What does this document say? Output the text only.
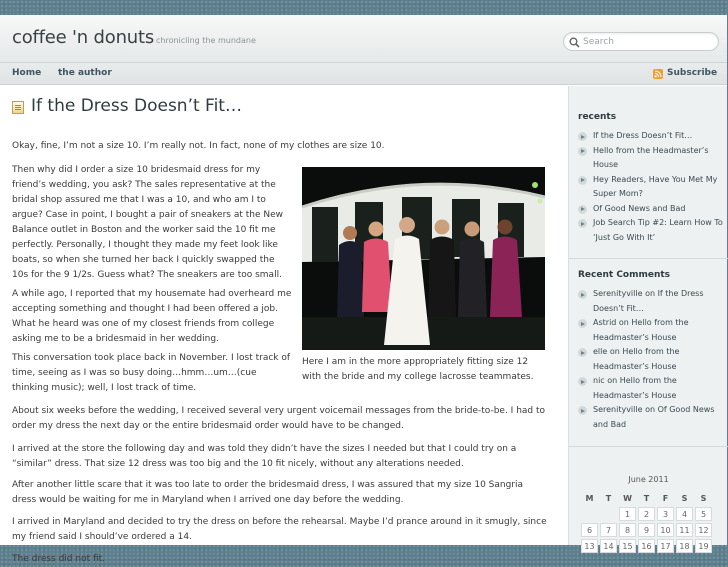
coffee 'n donuts chronicling the mundane
Search
Home the author	Subscribe
If the Dress Doesn’t Fit…

Okay, fine, I’m not a size 10. I’m really not. In fact, none of my clothes are size 10.

Then why did I order a size 10 bridesmaid dress for my friend’s wedding, you ask? The sales representative at the bridal shop assured me that I was a 10, and who am I to argue? Case in point, I bought a pair of sneakers at the New Balance outlet in Boston and the worker said the 10 fit me perfectly. Personally, I thought they made my feet look like boats, so when she turned her back I quickly swapped the 10s for the 9 1/2s. Guess what? The sneakers are too small.

A while ago, I reported that my housemate had overheard me accepting something and thought I had been offered a job. What he heard was one of my closest friends from college asking me to be a bridesmaid in her wedding.

This conversation took place back in November. I lost track of time, seeing as I was so busy doing…hmm…um…(cue thinking music); well, I lost track of time.

Here I am in the more appropriately fitting size 12 with the bride and my college lacrosse teammates.

About six weeks before the wedding, I received several very urgent voicemail messages from the bride-to-be. I had to order my dress the next day or the entire bridesmaid order would have to be changed.

I arrived at the store the following day and was told they didn’t have the sizes I needed but that I could try on a “similar” dress. That size 12 dress was too big and the 10 fit nicely, without any alterations needed.

After another little scare that it was too late to order the bridesmaid dress, I was assured that my size 10 Sangria dress would be waiting for me in Maryland when I arrived one day before the wedding.

I arrived in Maryland and decided to try the dress on before the rehearsal. Maybe I’d prance around in it smugly, since my friend said I should’ve ordered a 14.

The dress did not fit.

recents
If the Dress Doesn’t Fit…
Hello from the Headmaster’s House
Hey Readers, Have You Met My Super Mom?
Of Good News and Bad
Job Search Tip #2: Learn How To ‘Just Go With It’
Recent Comments
Serenityville on If the Dress Doesn’t Fit…
Astrid on Hello from the Headmaster’s House
elle on Hello from the Headmaster’s House
nic on Hello from the Headmaster’s House
Serenityville on Of Good News and Bad
June 2011
M	T	W	T	F	S	S
		1	2	3	4	5
6	7	8	9	10	11	12
13	14	15	16	17	18	19
